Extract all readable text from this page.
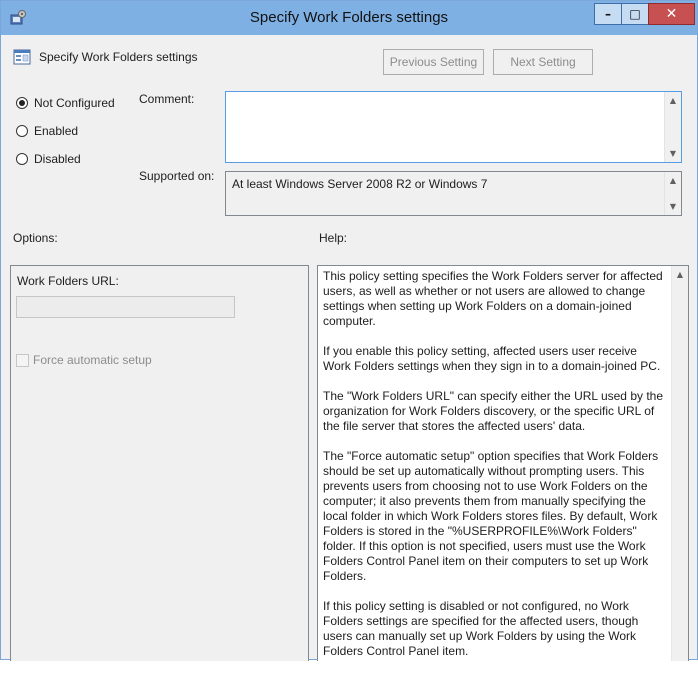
Specify Work Folders settings	–	□	✕
Specify Work Folders settings	Previous Setting	Next Setting
Not Configured
Enabled
Disabled
Comment:	▲
▼
Supported on:
At least Windows Server 2008 R2 or Windows 7	▲
▼
Options:	Help:
Work Folders URL:
Force automatic setup

This policy setting specifies the Work Folders server for affected users, as well as whether or not users are allowed to change settings when setting up Work Folders on a domain-joined computer.

If you enable this policy setting, affected users user receive Work Folders settings when they sign in to a domain-joined PC.

The "Work Folders URL" can specify either the URL used by the organization for Work Folders discovery, or the specific URL of the file server that stores the affected users' data.

The "Force automatic setup" option specifies that Work Folders should be set up automatically without prompting users. This prevents users from choosing not to use Work Folders on the computer; it also prevents them from manually specifying the local folder in which Work Folders stores files. By default, Work Folders is stored in the "%USERPROFILE%\Work Folders" folder. If this option is not specified, users must use the Work Folders Control Panel item on their computers to set up Work Folders.

If this policy setting is disabled or not configured, no Work Folders settings are specified for the affected users, though users can manually set up Work Folders by using the Work Folders Control Panel item.

▲
